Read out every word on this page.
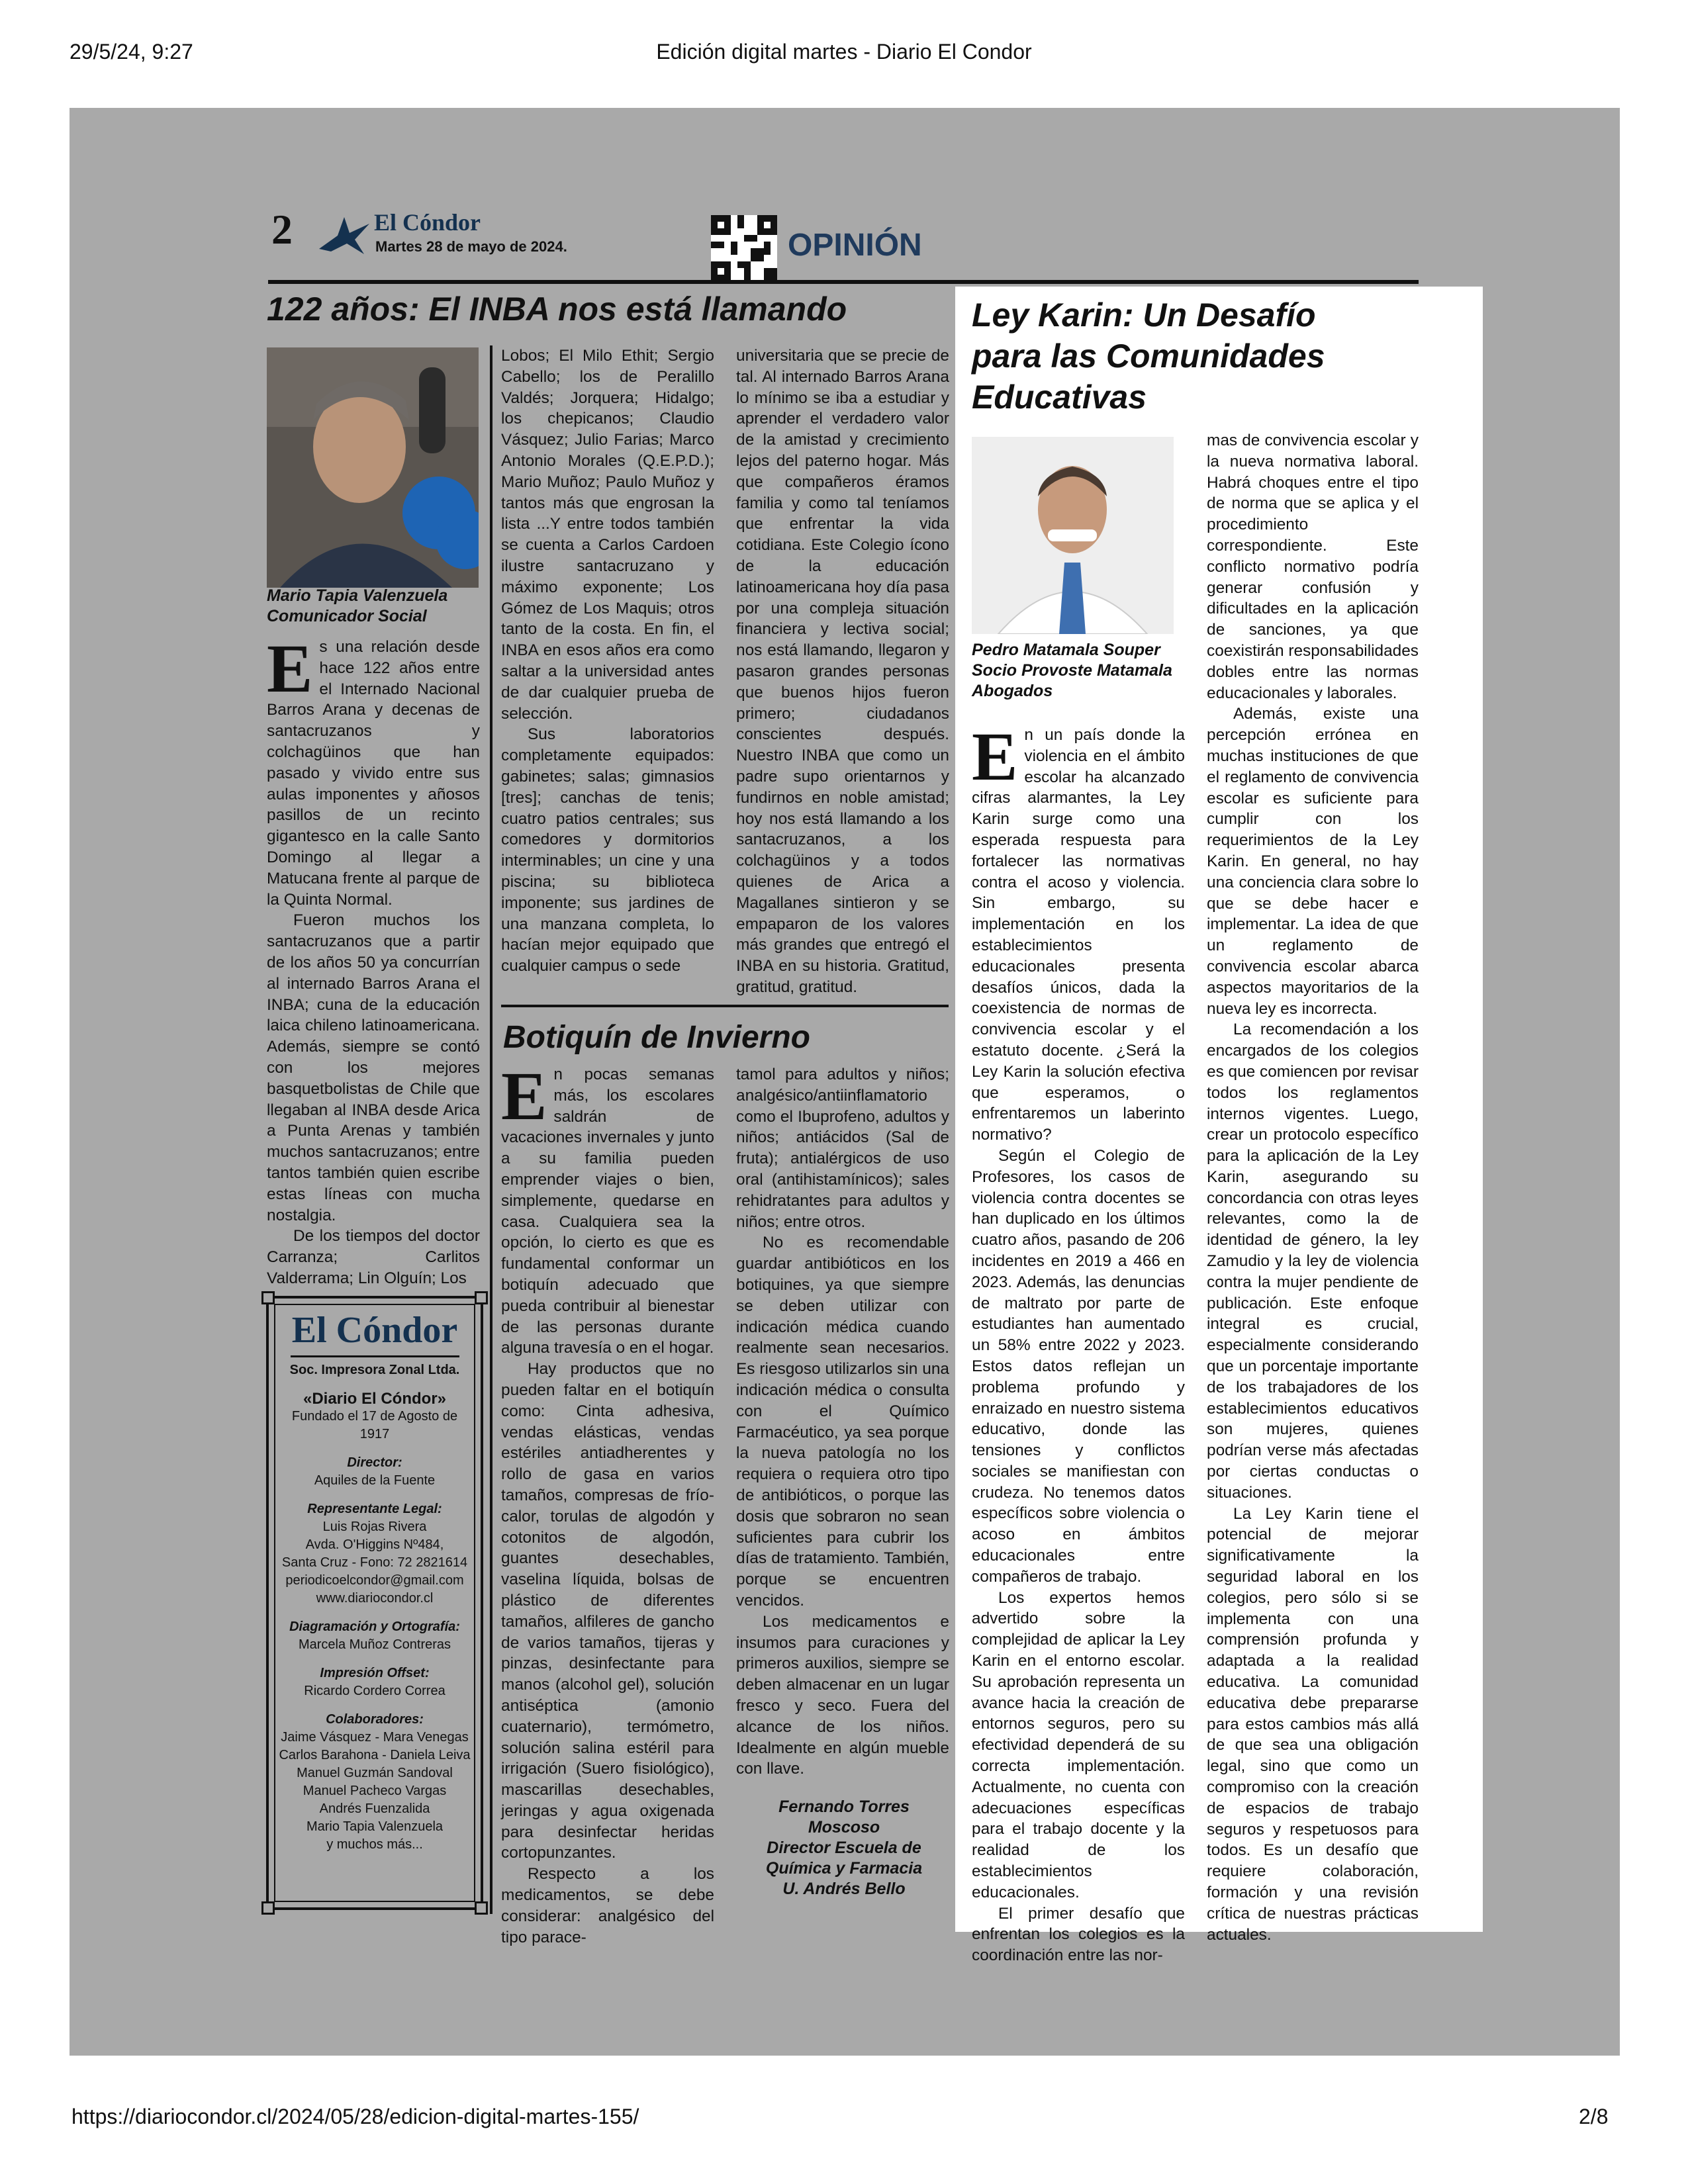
29/5/24, 9:27	Edición digital martes - Diario El Condor
2	El Cóndor
Martes 28 de mayo de 2024.	OPINIÓN
122 años: El INBA nos está llamando
Mario Tapia Valenzuela
Comunicador Social

Es una relación desde hace 122 años entre el Internado Nacional Barros Arana y decenas de santacruzanos y colchagüinos que han pasado y vivido entre sus aulas imponentes y añosos pasillos de un recinto gigantesco en la calle Santo Domingo al llegar a Matucana frente al parque de la Quinta Normal.

Fueron muchos los santacruzanos que a partir de los años 50 ya concurrían al internado Barros Arana el INBA; cuna de la educación laica chileno latinoamericana. Además, siempre se contó con los mejores basquetbolistas de Chile que llegaban al INBA desde Arica a Punta Arenas y también muchos santacruzanos; entre tantos también quien escribe estas líneas con mucha nostalgia.

De los tiempos del doctor Carranza; Carlitos Valderrama; Lin Olguín; Los

Lobos; El Milo Ethit; Sergio Cabello; los de Peralillo Valdés; Jorquera; Hidalgo; los chepicanos; Claudio Vásquez; Julio Farias; Marco Antonio Morales (Q.E.P.D.); Mario Muñoz; Paulo Muñoz y tantos más que engrosan la lista ...Y entre todos también se cuenta a Carlos Cardoen ilustre santacruzano y máximo exponente; Los Gómez de Los Maquis; otros tanto de la costa. En fin, el INBA en esos años era como saltar a la universidad antes de dar cualquier prueba de selección.

Sus laboratorios completamente equipados: gabinetes; salas; gimnasios [tres]; canchas de tenis; cuatro patios centrales; sus comedores y dormitorios interminables; un cine y una piscina; su biblioteca imponente; sus jardines de una manzana completa, lo hacían mejor equipado que cualquier campus o sede

universitaria que se precie de tal. Al internado Barros Arana lo mínimo se iba a estudiar y aprender el verdadero valor de la amistad y crecimiento lejos del paterno hogar. Más que compañeros éramos familia y como tal teníamos que enfrentar la vida cotidiana. Este Colegio ícono de la educación latinoamericana hoy día pasa por una compleja situación financiera y lectiva social; nos está llamando, llegaron y pasaron grandes personas que buenos hijos fueron primero; ciudadanos conscientes después. Nuestro INBA que como un padre supo orientarnos y fundirnos en noble amistad; hoy nos está llamando a los santacruzanos, a los colchagüinos y a todos quienes de Arica a Magallanes sintieron y se empaparon de los valores más grandes que entregó el INBA en su historia. Gratitud, gratitud, gratitud.

Botiquín de Invierno

En pocas semanas más, los escolares saldrán de vacaciones invernales y junto a su familia pueden emprender viajes o bien, simplemente, quedarse en casa. Cualquiera sea la opción, lo cierto es que es fundamental conformar un botiquín adecuado que pueda contribuir al bienestar de las personas durante alguna travesía o en el hogar.

Hay productos que no pueden faltar en el botiquín como: Cinta adhesiva, vendas elásticas, vendas estériles antiadherentes y rollo de gasa en varios tamaños, compresas de frío-calor, torulas de algodón y cotonitos de algodón, guantes desechables, vaselina líquida, bolsas de plástico de diferentes tamaños, alfileres de gancho de varios tamaños, tijeras y pinzas, desinfectante para manos (alcohol gel), solución antiséptica (amonio cuaternario), termómetro, solución salina estéril para irrigación (Suero fisiológico), mascarillas desechables, jeringas y agua oxigenada para desinfectar heridas cortopunzantes.

Respecto a los medicamentos, se debe considerar: analgésico del tipo parace-

tamol para adultos y niños; analgésico/antiinflamatorio como el Ibuprofeno, adultos y niños; antiácidos (Sal de fruta); antialérgicos de uso oral (antihistamínicos); sales rehidratantes para adultos y niños; entre otros.

No es recomendable guardar antibióticos en los botiquines, ya que siempre se deben utilizar con indicación médica cuando realmente sean necesarios. Es riesgoso utilizarlos sin una indicación médica o consulta con el Químico Farmacéutico, ya sea porque la nueva patología no los requiera o requiera otro tipo de antibióticos, o porque las dosis que sobraron no sean suficientes para cubrir los días de tratamiento. También, porque se encuentren vencidos.

Los medicamentos e insumos para curaciones y primeros auxilios, siempre se deben almacenar en un lugar fresco y seco. Fuera del alcance de los niños. Idealmente en algún mueble con llave.

Fernando Torres
Moscoso
Director Escuela de
Química y Farmacia
U. Andrés Bello
El Cóndor

Soc. Impresora Zonal Ltda.

«Diario El Cóndor»

Fundado el 17 de Agosto de 1917

Director:

Aquiles de la Fuente

Representante Legal:

Luis Rojas Rivera

Avda. O'Higgins Nº484,

Santa Cruz - Fono: 72 2821614

periodicoelcondor@gmail.com

www.diariocondor.cl

Diagramación y Ortografía:

Marcela Muñoz Contreras

Impresión Offset:

Ricardo Cordero Correa

Colaboradores:

Jaime Vásquez - Mara Venegas

Carlos Barahona - Daniela Leiva

Manuel Guzmán Sandoval

Manuel Pacheco Vargas

Andrés Fuenzalida

Mario Tapia Valenzuela

y muchos más...

Ley Karin: Un Desafío
para las Comunidades
Educativas
Pedro Matamala Souper Socio Provoste Matamala Abogados

En un país donde la violencia en el ámbito escolar ha alcanzado cifras alarmantes, la Ley Karin surge como una esperada respuesta para fortalecer las normativas contra el acoso y violencia. Sin embargo, su implementación en los establecimientos educacionales presenta desafíos únicos, dada la coexistencia de normas de convivencia escolar y el estatuto docente. ¿Será la Ley Karin la solución efectiva que esperamos, o enfrentaremos un laberinto normativo?

Según el Colegio de Profesores, los casos de violencia contra docentes se han duplicado en los últimos cuatro años, pasando de 206 incidentes en 2019 a 466 en 2023. Además, las denuncias de maltrato por parte de estudiantes han aumentado un 58% entre 2022 y 2023. Estos datos reflejan un problema profundo y enraizado en nuestro sistema educativo, donde las tensiones y conflictos sociales se manifiestan con crudeza. No tenemos datos específicos sobre violencia o acoso en ámbitos educacionales entre compañeros de trabajo.

Los expertos hemos advertido sobre la complejidad de aplicar la Ley Karin en el entorno escolar. Su aprobación representa un avance hacia la creación de entornos seguros, pero su efectividad dependerá de su correcta implementación. Actualmente, no cuenta con adecuaciones específicas para el trabajo docente y la realidad de los establecimientos educacionales.

El primer desafío que enfrentan los colegios es la coordinación entre las nor-

mas de convivencia escolar y la nueva normativa laboral. Habrá choques entre el tipo de norma que se aplica y el procedimiento correspondiente. Este conflicto normativo podría generar confusión y dificultades en la aplicación de sanciones, ya que coexistirán responsabilidades dobles entre las normas educacionales y laborales.

Además, existe una percepción errónea en muchas instituciones de que el reglamento de convivencia escolar es suficiente para cumplir con los requerimientos de la Ley Karin. En general, no hay una conciencia clara sobre lo que se debe hacer e implementar. La idea de que un reglamento de convivencia escolar abarca aspectos mayoritarios de la nueva ley es incorrecta.

La recomendación a los encargados de los colegios es que comiencen por revisar todos los reglamentos internos vigentes. Luego, crear un protocolo específico para la aplicación de la Ley Karin, asegurando su concordancia con otras leyes relevantes, como la de identidad de género, la ley Zamudio y la ley de violencia contra la mujer pendiente de publicación. Este enfoque integral es crucial, especialmente considerando que un porcentaje importante de los trabajadores de los establecimientos educativos son mujeres, quienes podrían verse más afectadas por ciertas conductas o situaciones.

La Ley Karin tiene el potencial de mejorar significativamente la seguridad laboral en los colegios, pero sólo si se implementa con una comprensión profunda y adaptada a la realidad educativa. La comunidad educativa debe prepararse para estos cambios más allá de que sea una obligación legal, sino que como un compromiso con la creación de espacios de trabajo seguros y respetuosos para todos. Es un desafío que requiere colaboración, formación y una revisión crítica de nuestras prácticas actuales.

https://diariocondor.cl/2024/05/28/edicion-digital-martes-155/	2/8
